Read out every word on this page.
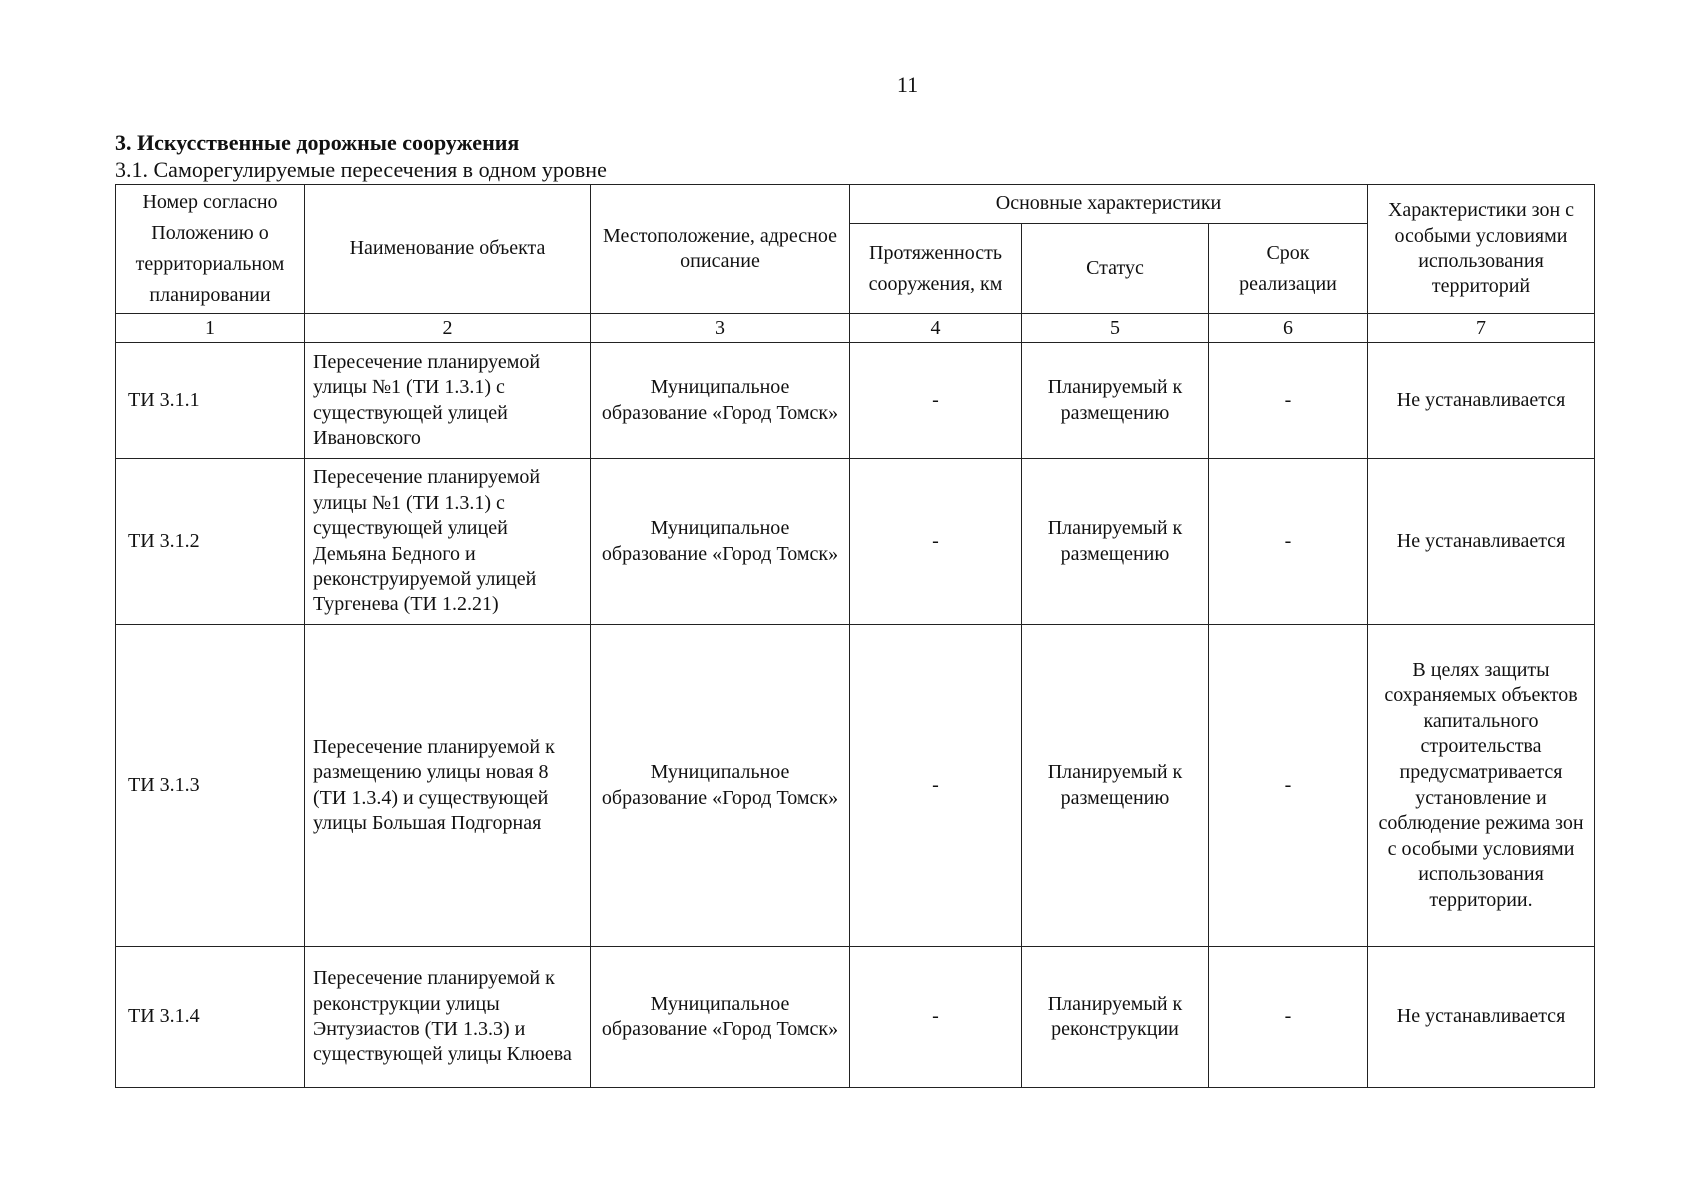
11
3. Искусственные дорожные сооружения
3.1. Саморегулируемые пересечения в одном уровне
Номер согласно Положению о территориальном планировании	Наименование объекта	Местоположение, адресное описание	Основные характеристики			Характеристики зон с особыми условиями использования территорий
			Протяженность сооружения, км	Статус	Срок реализации	
1	2	3	4	5	6	7
ТИ 3.1.1	Пересечение планируемой улицы №1 (ТИ 1.3.1) с существующей улицей Ивановского	Муниципальное образование «Город Томск»	-	Планируемый к размещению	-	Не устанавливается
ТИ 3.1.2	Пересечение планируемой улицы №1 (ТИ 1.3.1) с существующей улицей Демьяна Бедного и реконструируемой улицей Тургенева (ТИ 1.2.21)	Муниципальное образование «Город Томск»	-	Планируемый к размещению	-	Не устанавливается
ТИ 3.1.3	Пересечение планируемой к размещению улицы новая 8 (ТИ 1.3.4) и существующей улицы Большая Подгорная	Муниципальное образование «Город Томск»	-	Планируемый к размещению	-	В целях защиты сохраняемых объектов капитального строительства предусматривается установление и соблюдение режима зон с особыми условиями использования территории.
ТИ 3.1.4	Пересечение планируемой к реконструкции улицы Энтузиастов (ТИ 1.3.3) и существующей улицы Клюева	Муниципальное образование «Город Томск»	-	Планируемый к реконструкции	-	Не устанавливается
